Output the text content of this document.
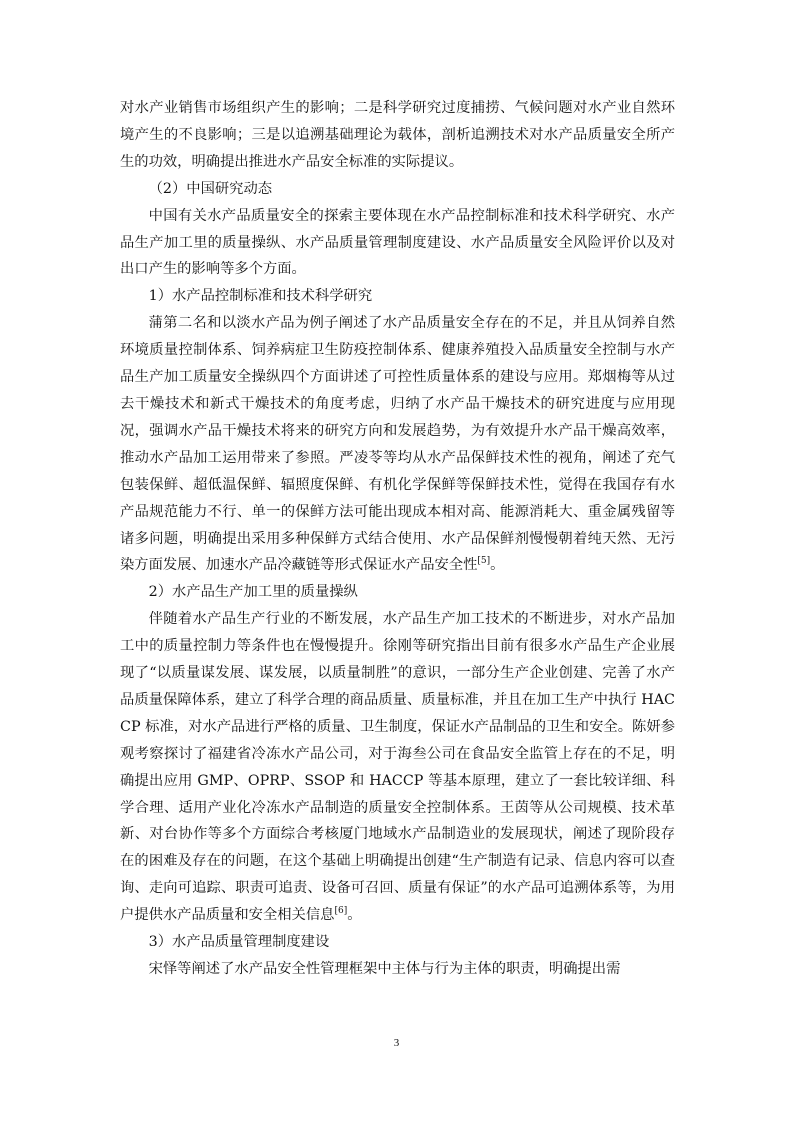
对水产业销售市场组织产生的影响；二是科学研究过度捕捞、气候问题对水产业自然环境产生的不良影响；三是以追溯基础理论为载体，剖析追溯技术对水产品质量安全所产生的功效，明确提出推进水产品安全标准的实际提议。

（2）中国研究动态

中国有关水产品质量安全的探索主要体现在水产品控制标准和技术科学研究、水产品生产加工里的质量操纵、水产品质量管理制度建设、水产品质量安全风险评价以及对出口产生的影响等多个方面。

1）水产品控制标准和技术科学研究

蒲第二名和以淡水产品为例子阐述了水产品质量安全存在的不足，并且从饲养自然环境质量控制体系、饲养病症卫生防疫控制体系、健康养殖投入品质量安全控制与水产品生产加工质量安全操纵四个方面讲述了可控性质量体系的建设与应用。郑烟梅等从过去干燥技术和新式干燥技术的角度考虑，归纳了水产品干燥技术的研究进度与应用现况，强调水产品干燥技术将来的研究方向和发展趋势，为有效提升水产品干燥高效率，推动水产品加工运用带来了参照。严凌苓等均从水产品保鲜技术性的视角，阐述了充气包装保鲜、超低温保鲜、辐照度保鲜、有机化学保鲜等保鲜技术性，觉得在我国存有水产品规范能力不行、单一的保鲜方法可能出现成本相对高、能源消耗大、重金属残留等诸多问题，明确提出采用多种保鲜方式结合使用、水产品保鲜剂慢慢朝着纯天然、无污染方面发展、加速水产品冷藏链等形式保证水产品安全性[5]。

2）水产品生产加工里的质量操纵

伴随着水产品生产行业的不断发展，水产品生产加工技术的不断进步，对水产品加工中的质量控制力等条件也在慢慢提升。徐刚等研究指出目前有很多水产品生产企业展现了“以质量谋发展、谋发展，以质量制胜”的意识，一部分生产企业创建、完善了水产品质量保障体系，建立了科学合理的商品质量、质量标准，并且在加工生产中执行 HACCP 标准，对水产品进行严格的质量、卫生制度，保证水产品制品的卫生和安全。陈妍参观考察探讨了福建省冷冻水产品公司，对于海叁公司在食品安全监管上存在的不足，明确提出应用 GMP、OPRP、SSOP 和 HACCP 等基本原理，建立了一套比较详细、科学合理、适用产业化冷冻水产品制造的质量安全控制体系。王茵等从公司规模、技术革新、对台协作等多个方面综合考核厦门地域水产品制造业的发展现状，阐述了现阶段存在的困难及存在的问题，在这个基础上明确提出创建“生产制造有记录、信息内容可以查询、走向可追踪、职责可追责、设备可召回、质量有保证”的水产品可追溯体系等，为用户提供水产品质量和安全相关信息[6]。

3）水产品质量管理制度建设

宋怿等阐述了水产品安全性管理框架中主体与行为主体的职责，明确提出需

3
